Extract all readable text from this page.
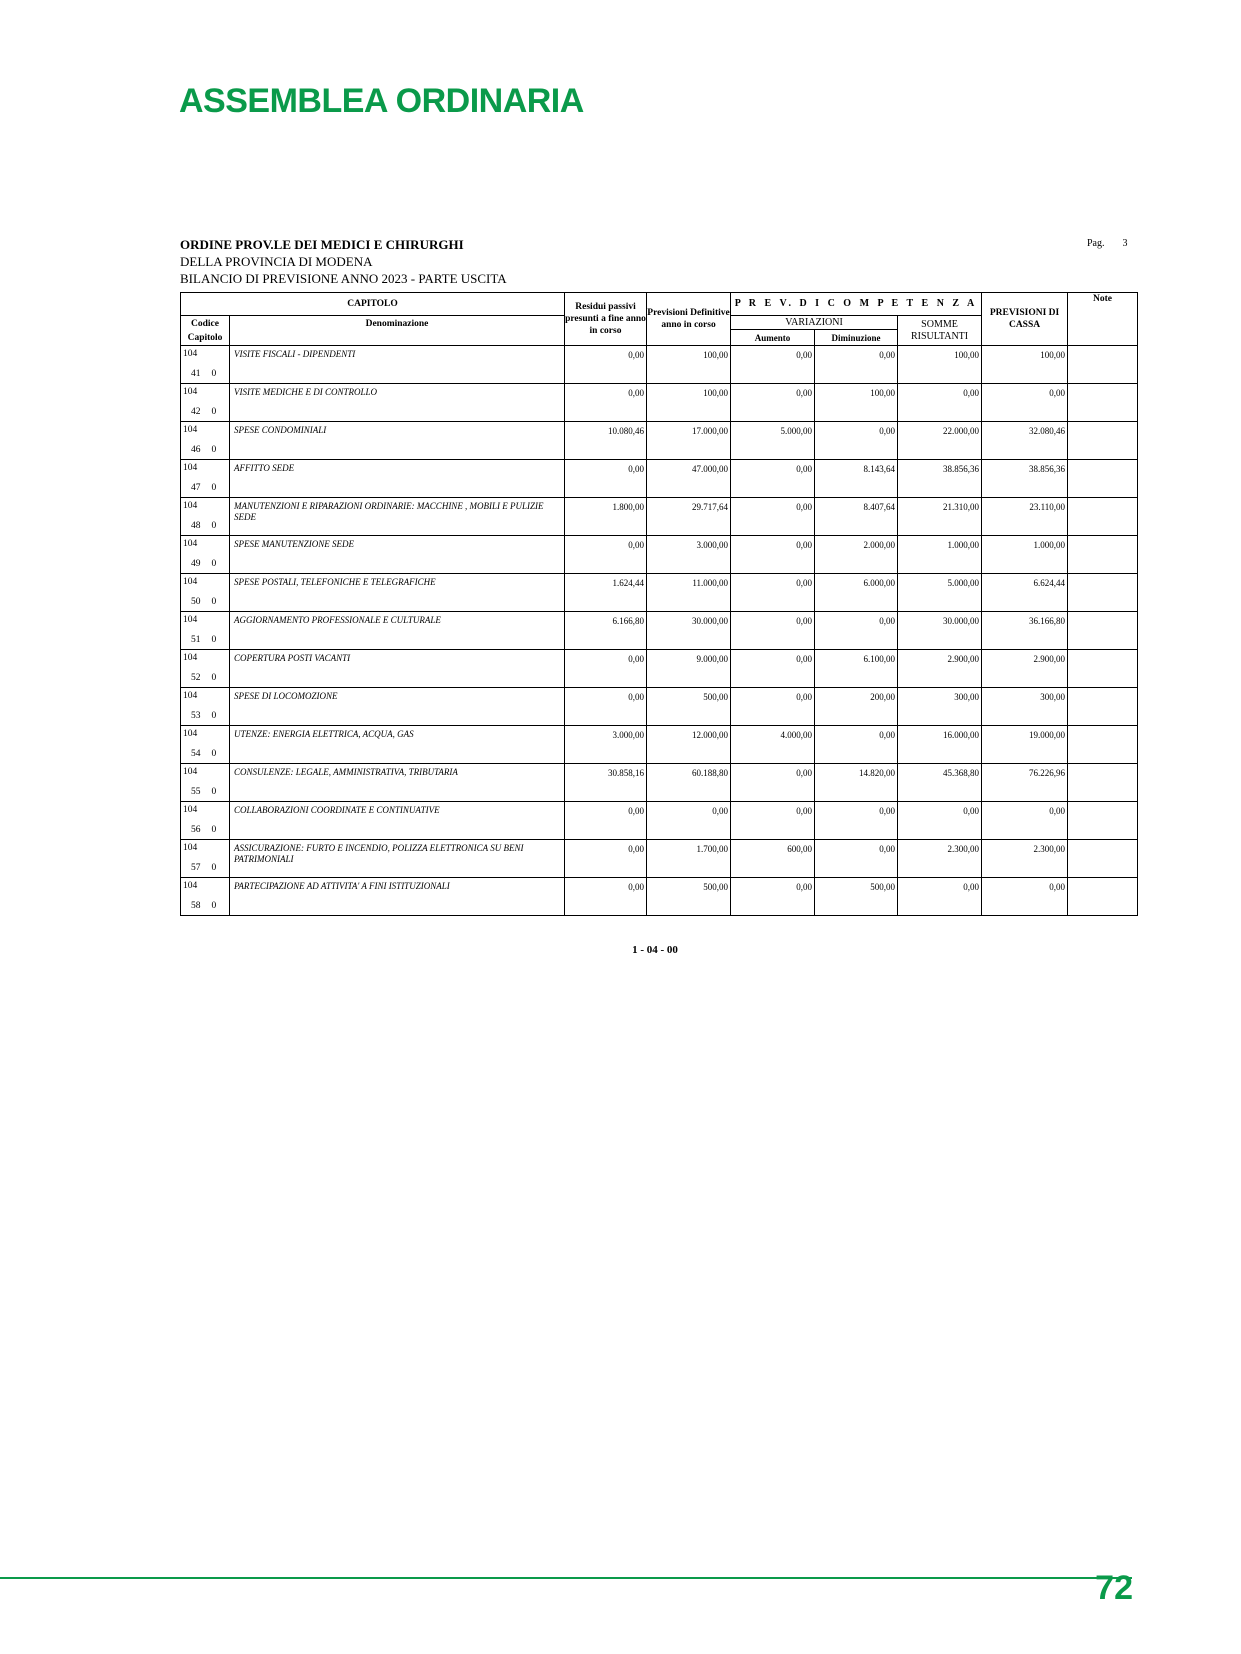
ASSEMBLEA ORDINARIA
ORDINE PROV.LE DEI MEDICI E CHIRURGHI
DELLA PROVINCIA DI MODENA
BILANCIO DI PREVISIONE ANNO 2023 - PARTE USCITA
Pag. 3
CAPITOLO		Residui passivi presunti a fine anno in corso	Previsioni Definitive anno in corso	P R E V. D I C O M P E T E N Z A			PREVISIONI DI CASSA	Note
Codice
Capitolo	Denominazione			VARIAZIONI		SOMME RISULTANTI		
				Aumento	Diminuzione			

104
41 0	VISITE FISCALI - DIPENDENTI	0,00	100,00	0,00	0,00	100,00	100,00	

104
42 0	VISITE MEDICHE E DI CONTROLLO	0,00	100,00	0,00	100,00	0,00	0,00	

104
46 0	SPESE CONDOMINIALI	10.080,46	17.000,00	5.000,00	0,00	22.000,00	32.080,46	

104
47 0	AFFITTO SEDE	0,00	47.000,00	0,00	8.143,64	38.856,36	38.856,36	

104
48 0	MANUTENZIONI E RIPARAZIONI ORDINARIE: MACCHINE , MOBILI E PULIZIE SEDE	1.800,00	29.717,64	0,00	8.407,64	21.310,00	23.110,00	

104
49 0	SPESE MANUTENZIONE SEDE	0,00	3.000,00	0,00	2.000,00	1.000,00	1.000,00	

104
50 0	SPESE POSTALI, TELEFONICHE E TELEGRAFICHE	1.624,44	11.000,00	0,00	6.000,00	5.000,00	6.624,44	

104
51 0	AGGIORNAMENTO PROFESSIONALE E CULTURALE	6.166,80	30.000,00	0,00	0,00	30.000,00	36.166,80	

104
52 0	COPERTURA POSTI VACANTI	0,00	9.000,00	0,00	6.100,00	2.900,00	2.900,00	

104
53 0	SPESE DI LOCOMOZIONE	0,00	500,00	0,00	200,00	300,00	300,00	

104
54 0	UTENZE: ENERGIA ELETTRICA, ACQUA, GAS	3.000,00	12.000,00	4.000,00	0,00	16.000,00	19.000,00	

104
55 0	CONSULENZE: LEGALE, AMMINISTRATIVA, TRIBUTARIA	30.858,16	60.188,80	0,00	14.820,00	45.368,80	76.226,96	

104
56 0	COLLABORAZIONI COORDINATE E CONTINUATIVE	0,00	0,00	0,00	0,00	0,00	0,00	

104
57 0	ASSICURAZIONE: FURTO E INCENDIO, POLIZZA ELETTRONICA SU BENI PATRIMONIALI	0,00	1.700,00	600,00	0,00	2.300,00	2.300,00	

104
58 0	PARTECIPAZIONE AD ATTIVITA' A FINI ISTITUZIONALI	0,00	500,00	0,00	500,00	0,00	0,00	
1 - 04 - 00
72
